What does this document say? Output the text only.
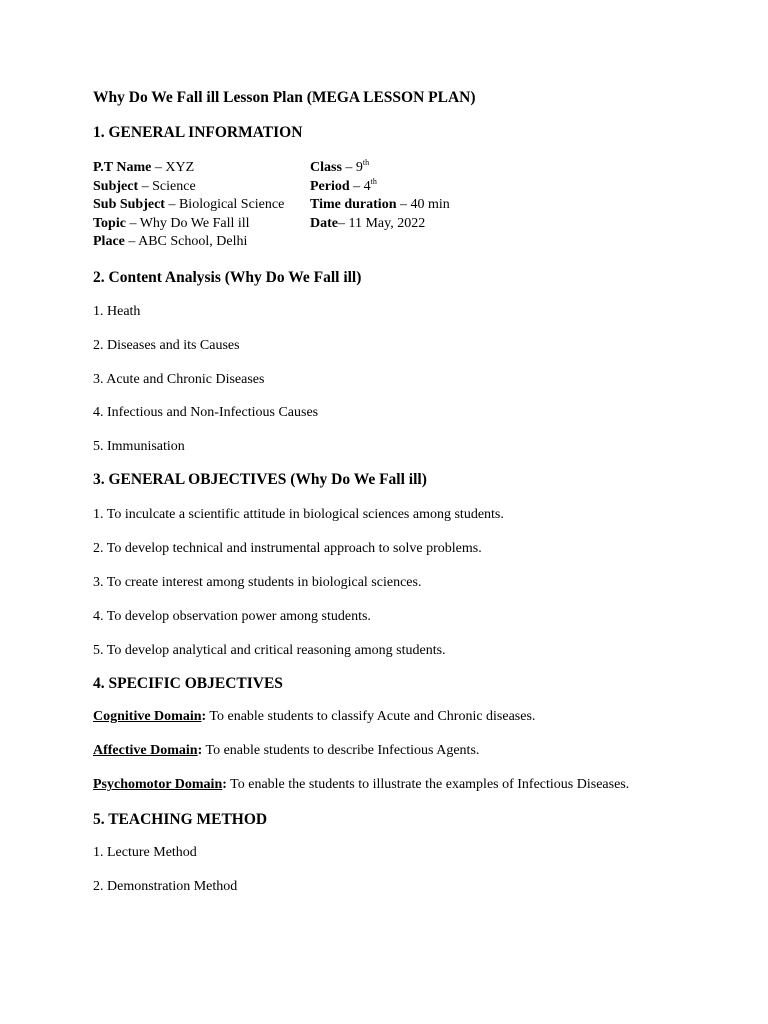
Why Do We Fall ill Lesson Plan (MEGA LESSON PLAN)

1. GENERAL INFORMATION

P.T Name – XYZ	Class – 9th
Subject – Science	Period – 4th
Sub Subject – Biological Science	Time duration – 40 min
Topic – Why Do We Fall ill	Date– 11 May, 2022
Place – ABC School, Delhi

2. Content Analysis (Why Do We Fall ill)

1. Heath

2. Diseases and its Causes

3. Acute and Chronic Diseases

4. Infectious and Non-Infectious Causes

5. Immunisation

3. GENERAL OBJECTIVES (Why Do We Fall ill)

1. To inculcate a scientific attitude in biological sciences among students.

2. To develop technical and instrumental approach to solve problems.

3. To create interest among students in biological sciences.

4. To develop observation power among students.

5. To develop analytical and critical reasoning among students.

4. SPECIFIC OBJECTIVES

Cognitive Domain: To enable students to classify Acute and Chronic diseases.

Affective Domain: To enable students to describe Infectious Agents.

Psychomotor Domain: To enable the students to illustrate the examples of Infectious Diseases.

5. TEACHING METHOD

1. Lecture Method

2. Demonstration Method
